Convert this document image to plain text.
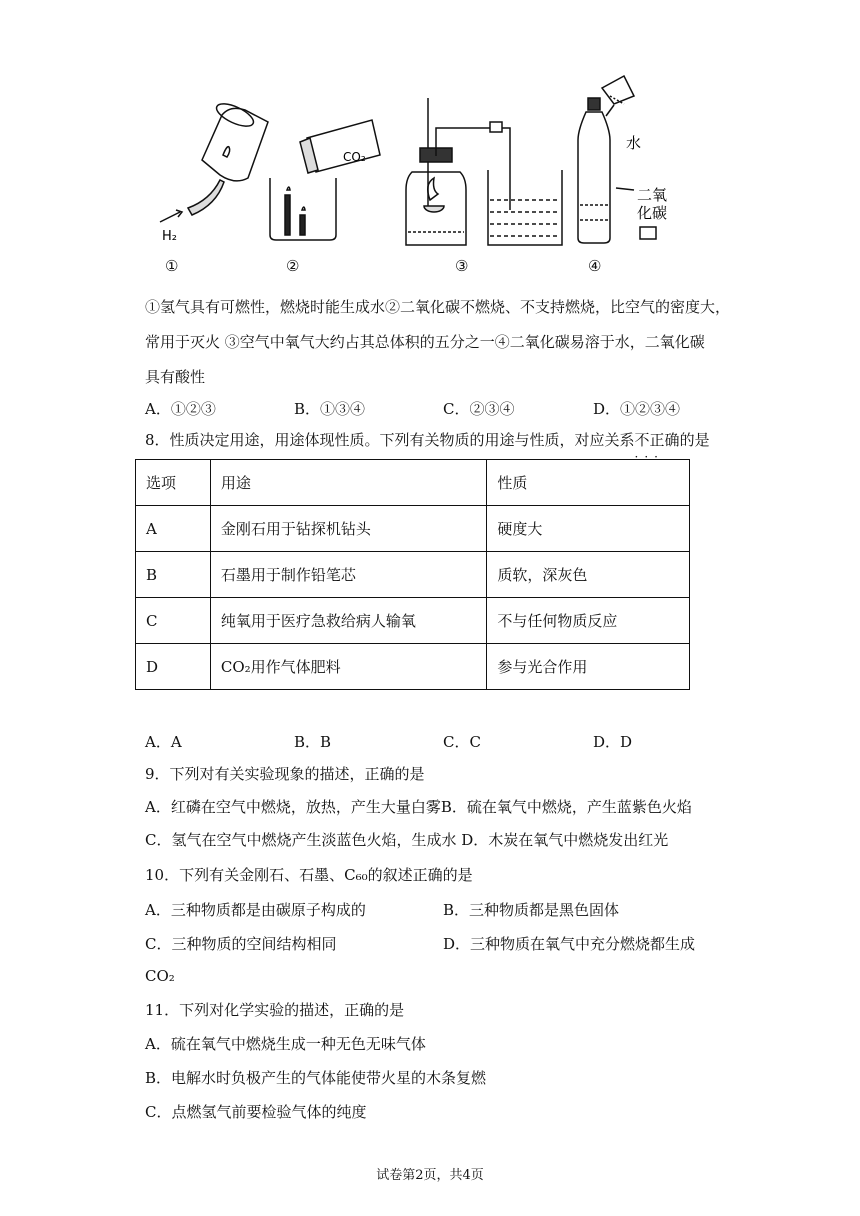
H₂
CO₂
水
二氧
化碳
①	②	③	④
①氢气具有可燃性，燃烧时能生成水②二氧化碳不燃烧、不支持燃烧，比空气的密度大，
常用于灭火 ③空气中氧气大约占其总体积的五分之一④二氧化碳易溶于水，二氧化碳
具有酸性
A．①②③	B．①③④	C．②③④	D．①②③④
8．性质决定用途，用途体现性质。下列有关物质的用途与性质，对应关系不正确
···
的是
选项	用途	性质
A	金刚石用于钻探机钻头	硬度大
B	石墨用于制作铅笔芯	质软，深灰色
C	纯氧用于医疗急救给病人输氧	不与任何物质反应
D	CO₂用作气体肥料	参与光合作用
A．A	B．B	C．C	D．D
9．下列对有关实验现象的描述，正确的是
A．红磷在空气中燃烧，放热，产生大量白雾B．硫在氧气中燃烧，产生蓝紫色火焰
C．氢气在空气中燃烧产生淡蓝色火焰，生成水 D．木炭在氧气中燃烧发出红光
10．下列有关金刚石、石墨、C₆₀的叙述正确的是
A．三种物质都是由碳原子构成的	B．三种物质都是黑色固体
C．三种物质的空间结构相同	D．三种物质在氧气中充分燃烧都生成
CO₂
11．下列对化学实验的描述，正确的是
A．硫在氧气中燃烧生成一种无色无味气体
B．电解水时负极产生的气体能使带火星的木条复燃
C．点燃氢气前要检验气体的纯度
试卷第2页，共4页
